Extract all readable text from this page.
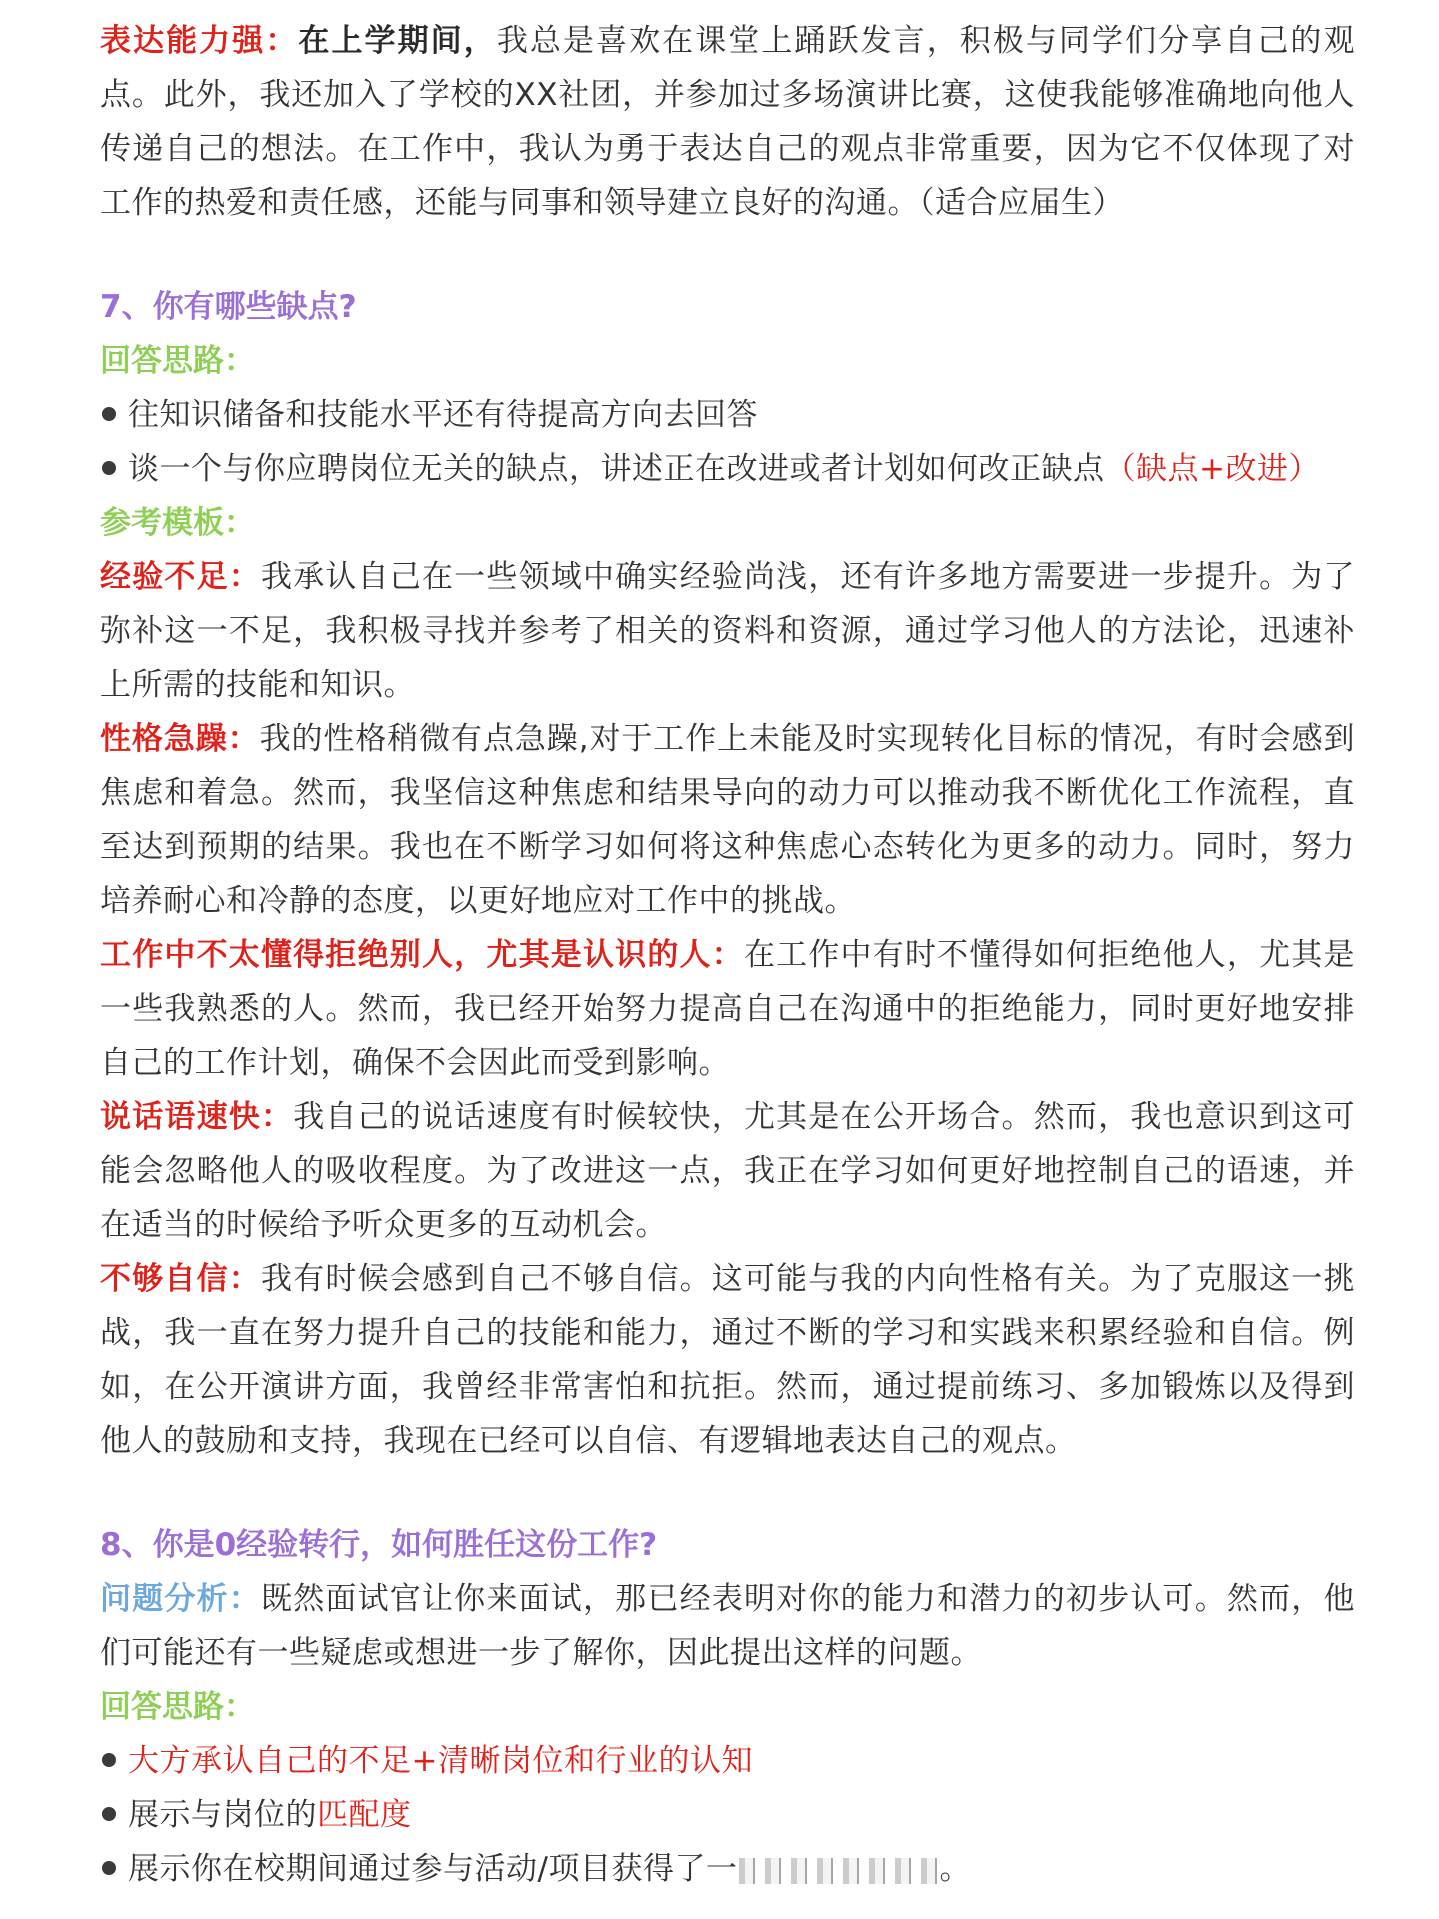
表达能力强：在上学期间，我总是喜欢在课堂上踊跃发言，积极与同学们分享自己的观点。此外，我还加入了学校的XX社团，并参加过多场演讲比赛，这使我能够准确地向他人传递自己的想法。在工作中，我认为勇于表达自己的观点非常重要，因为它不仅体现了对工作的热爱和责任感，还能与同事和领导建立良好的沟通。（适合应届生）

7、你有哪些缺点?

回答思路：

往知识储备和技能水平还有待提高方向去回答

谈一个与你应聘岗位无关的缺点，讲述正在改进或者计划如何改正缺点（缺点+改进）

参考模板：

经验不足：我承认自己在一些领域中确实经验尚浅，还有许多地方需要进一步提升。为了弥补这一不足，我积极寻找并参考了相关的资料和资源，通过学习他人的方法论，迅速补上所需的技能和知识。

性格急躁：我的性格稍微有点急躁,对于工作上未能及时实现转化目标的情况，有时会感到焦虑和着急。然而，我坚信这种焦虑和结果导向的动力可以推动我不断优化工作流程，直至达到预期的结果。我也在不断学习如何将这种焦虑心态转化为更多的动力。同时，努力培养耐心和冷静的态度，以更好地应对工作中的挑战。

工作中不太懂得拒绝别人，尤其是认识的人：在工作中有时不懂得如何拒绝他人，尤其是一些我熟悉的人。然而，我已经开始努力提高自己在沟通中的拒绝能力，同时更好地安排自己的工作计划，确保不会因此而受到影响。

说话语速快：我自己的说话速度有时候较快，尤其是在公开场合。然而，我也意识到这可能会忽略他人的吸收程度。为了改进这一点，我正在学习如何更好地控制自己的语速，并在适当的时候给予听众更多的互动机会。

不够自信：我有时候会感到自己不够自信。这可能与我的内向性格有关。为了克服这一挑战，我一直在努力提升自己的技能和能力，通过不断的学习和实践来积累经验和自信。例如，在公开演讲方面，我曾经非常害怕和抗拒。然而，通过提前练习、多加锻炼以及得到他人的鼓励和支持，我现在已经可以自信、有逻辑地表达自己的观点。

8、你是0经验转行，如何胜任这份工作?

问题分析：既然面试官让你来面试，那已经表明对你的能力和潜力的初步认可。然而，他们可能还有一些疑虑或想进一步了解你，因此提出这样的问题。

回答思路：

大方承认自己的不足+清晰岗位和行业的认知

展示与岗位的匹配度

展示你在校期间通过参与活动/项目获得了一	。
